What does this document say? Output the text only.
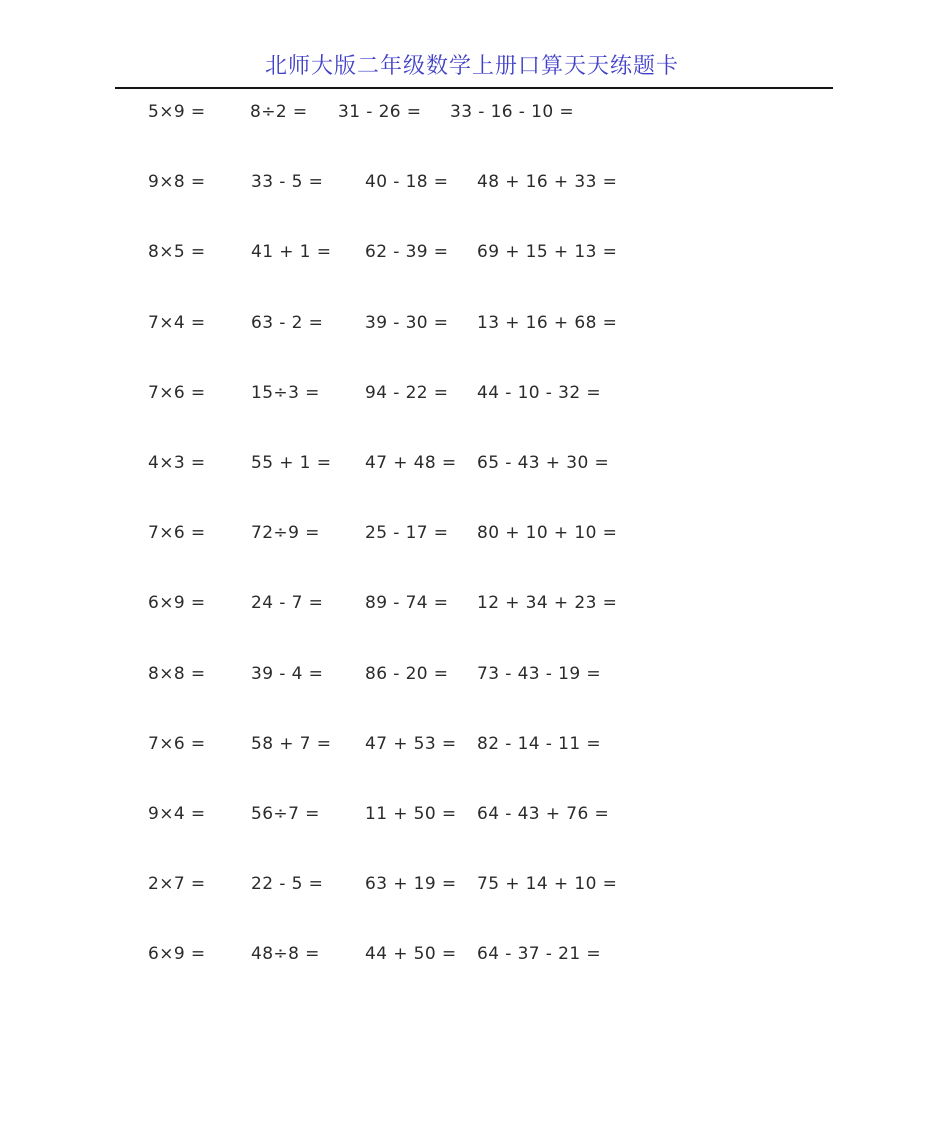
北师大版二年级数学上册口算天天练题卡
5×9 =	8÷2 =	31 - 26 =	33 - 16 - 10 =
9×8 =	33 - 5 =	40 - 18 =	48 + 16 + 33 =
8×5 =	41 + 1 =	62 - 39 =	69 + 15 + 13 =
7×4 =	63 - 2 =	39 - 30 =	13 + 16 + 68 =
7×6 =	15÷3 =	94 - 22 =	44 - 10 - 32 =
4×3 =	55 + 1 =	47 + 48 =	65 - 43 + 30 =
7×6 =	72÷9 =	25 - 17 =	80 + 10 + 10 =
6×9 =	24 - 7 =	89 - 74 =	12 + 34 + 23 =
8×8 =	39 - 4 =	86 - 20 =	73 - 43 - 19 =
7×6 =	58 + 7 =	47 + 53 =	82 - 14 - 11 =
9×4 =	56÷7 =	11 + 50 =	64 - 43 + 76 =
2×7 =	22 - 5 =	63 + 19 =	75 + 14 + 10 =
6×9 =	48÷8 =	44 + 50 =	64 - 37 - 21 =
